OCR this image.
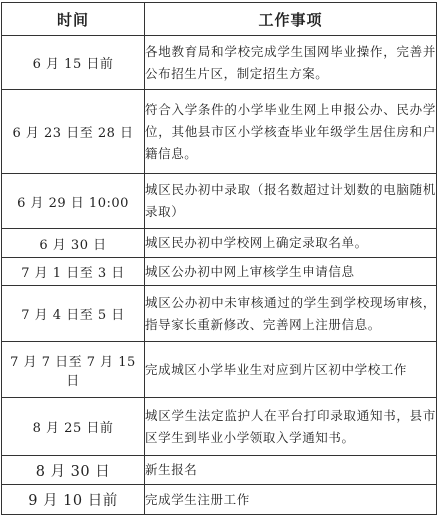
时间	工作事项
6 月 15 日前	各地教育局和学校完成学生国网毕业操作，完善并公布招生片区，制定招生方案。
6 月 23 日至 28 日	符合入学条件的小学毕业生网上申报公办、民办学位，其他县市区小学核查毕业年级学生居住房和户籍信息。
6 月 29 日 10:00	城区民办初中录取（报名数超过计划数的电脑随机录取）
6 月 30 日	城区民办初中学校网上确定录取名单。
7 月 1 日至 3 日	城区公办初中网上审核学生申请信息
7 月 4 日至 5 日	城区公办初中未审核通过的学生到学校现场审核，指导家长重新修改、完善网上注册信息。
7 月 7 日至 7 月 15 日	完成城区小学毕业生对应到片区初中学校工作
8 月 25 日前	城区学生法定监护人在平台打印录取通知书，县市区学生到毕业小学领取入学通知书。
8 月 30 日	新生报名
9 月 10 日前	完成学生注册工作
